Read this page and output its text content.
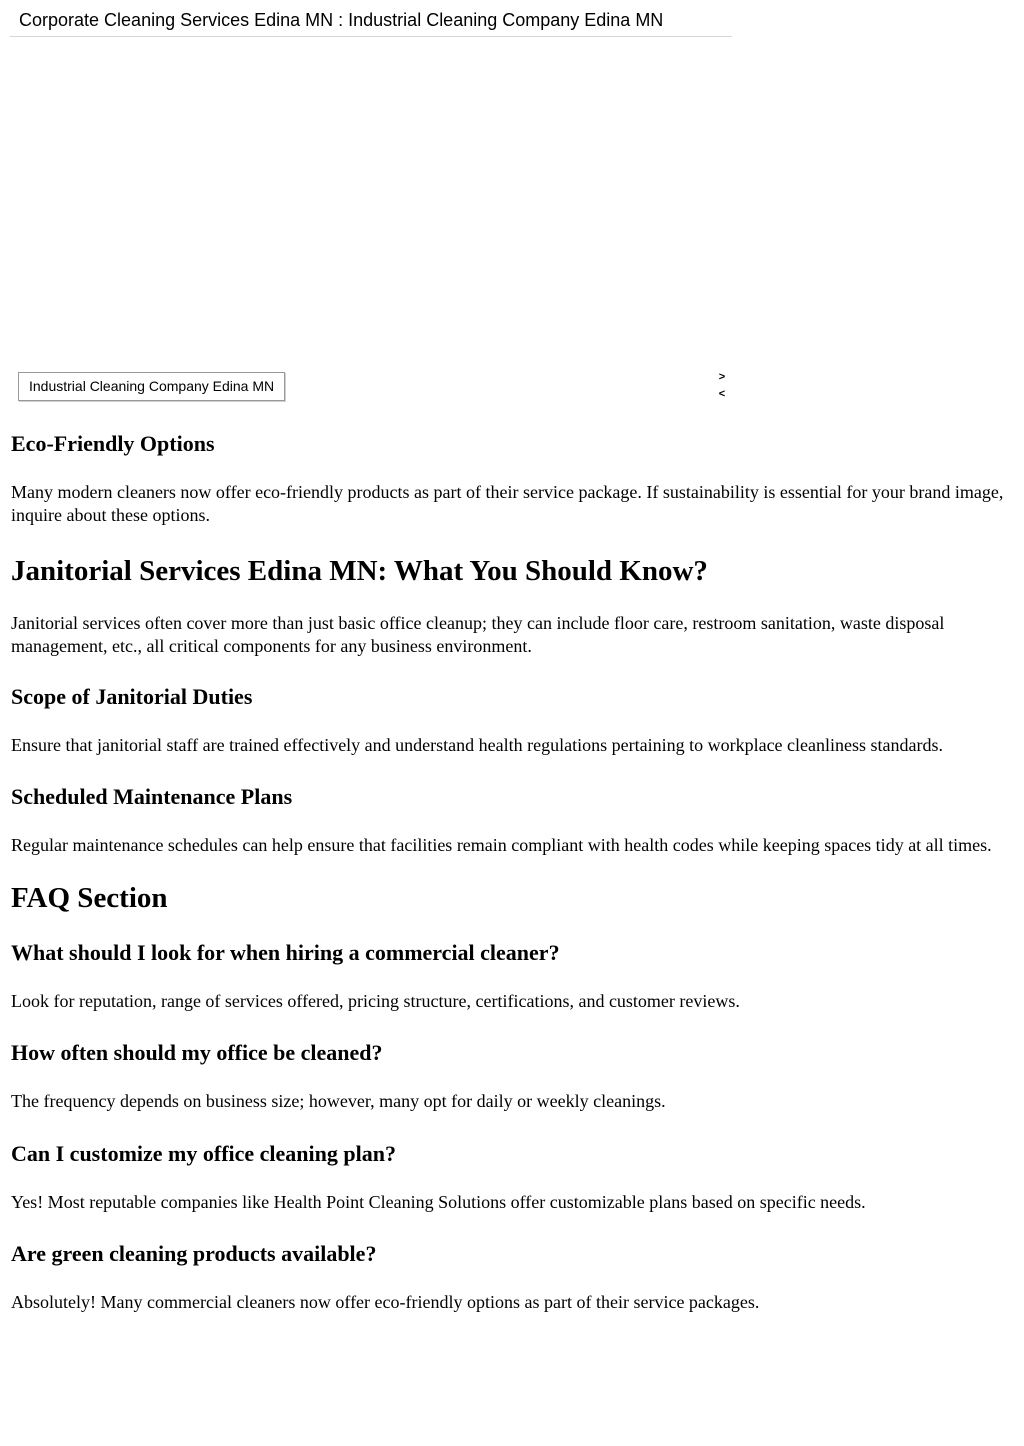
Corporate Cleaning Services Edina MN : Industrial Cleaning Company Edina MN
Industrial Cleaning Company Edina MN
>
<
Eco-Friendly Options

Many modern cleaners now offer eco-friendly products as part of their service package. If sustainability is essential for your brand image, inquire about these options.

Janitorial Services Edina MN: What You Should Know?

Janitorial services often cover more than just basic office cleanup; they can include floor care, restroom sanitation, waste disposal management, etc., all critical components for any business environment.

Scope of Janitorial Duties

Ensure that janitorial staff are trained effectively and understand health regulations pertaining to workplace cleanliness standards.

Scheduled Maintenance Plans

Regular maintenance schedules can help ensure that facilities remain compliant with health codes while keeping spaces tidy at all times.

FAQ Section
What should I look for when hiring a commercial cleaner?

Look for reputation, range of services offered, pricing structure, certifications, and customer reviews.

How often should my office be cleaned?

The frequency depends on business size; however, many opt for daily or weekly cleanings.

Can I customize my office cleaning plan?

Yes! Most reputable companies like Health Point Cleaning Solutions offer customizable plans based on specific needs.

Are green cleaning products available?

Absolutely! Many commercial cleaners now offer eco-friendly options as part of their service packages.
